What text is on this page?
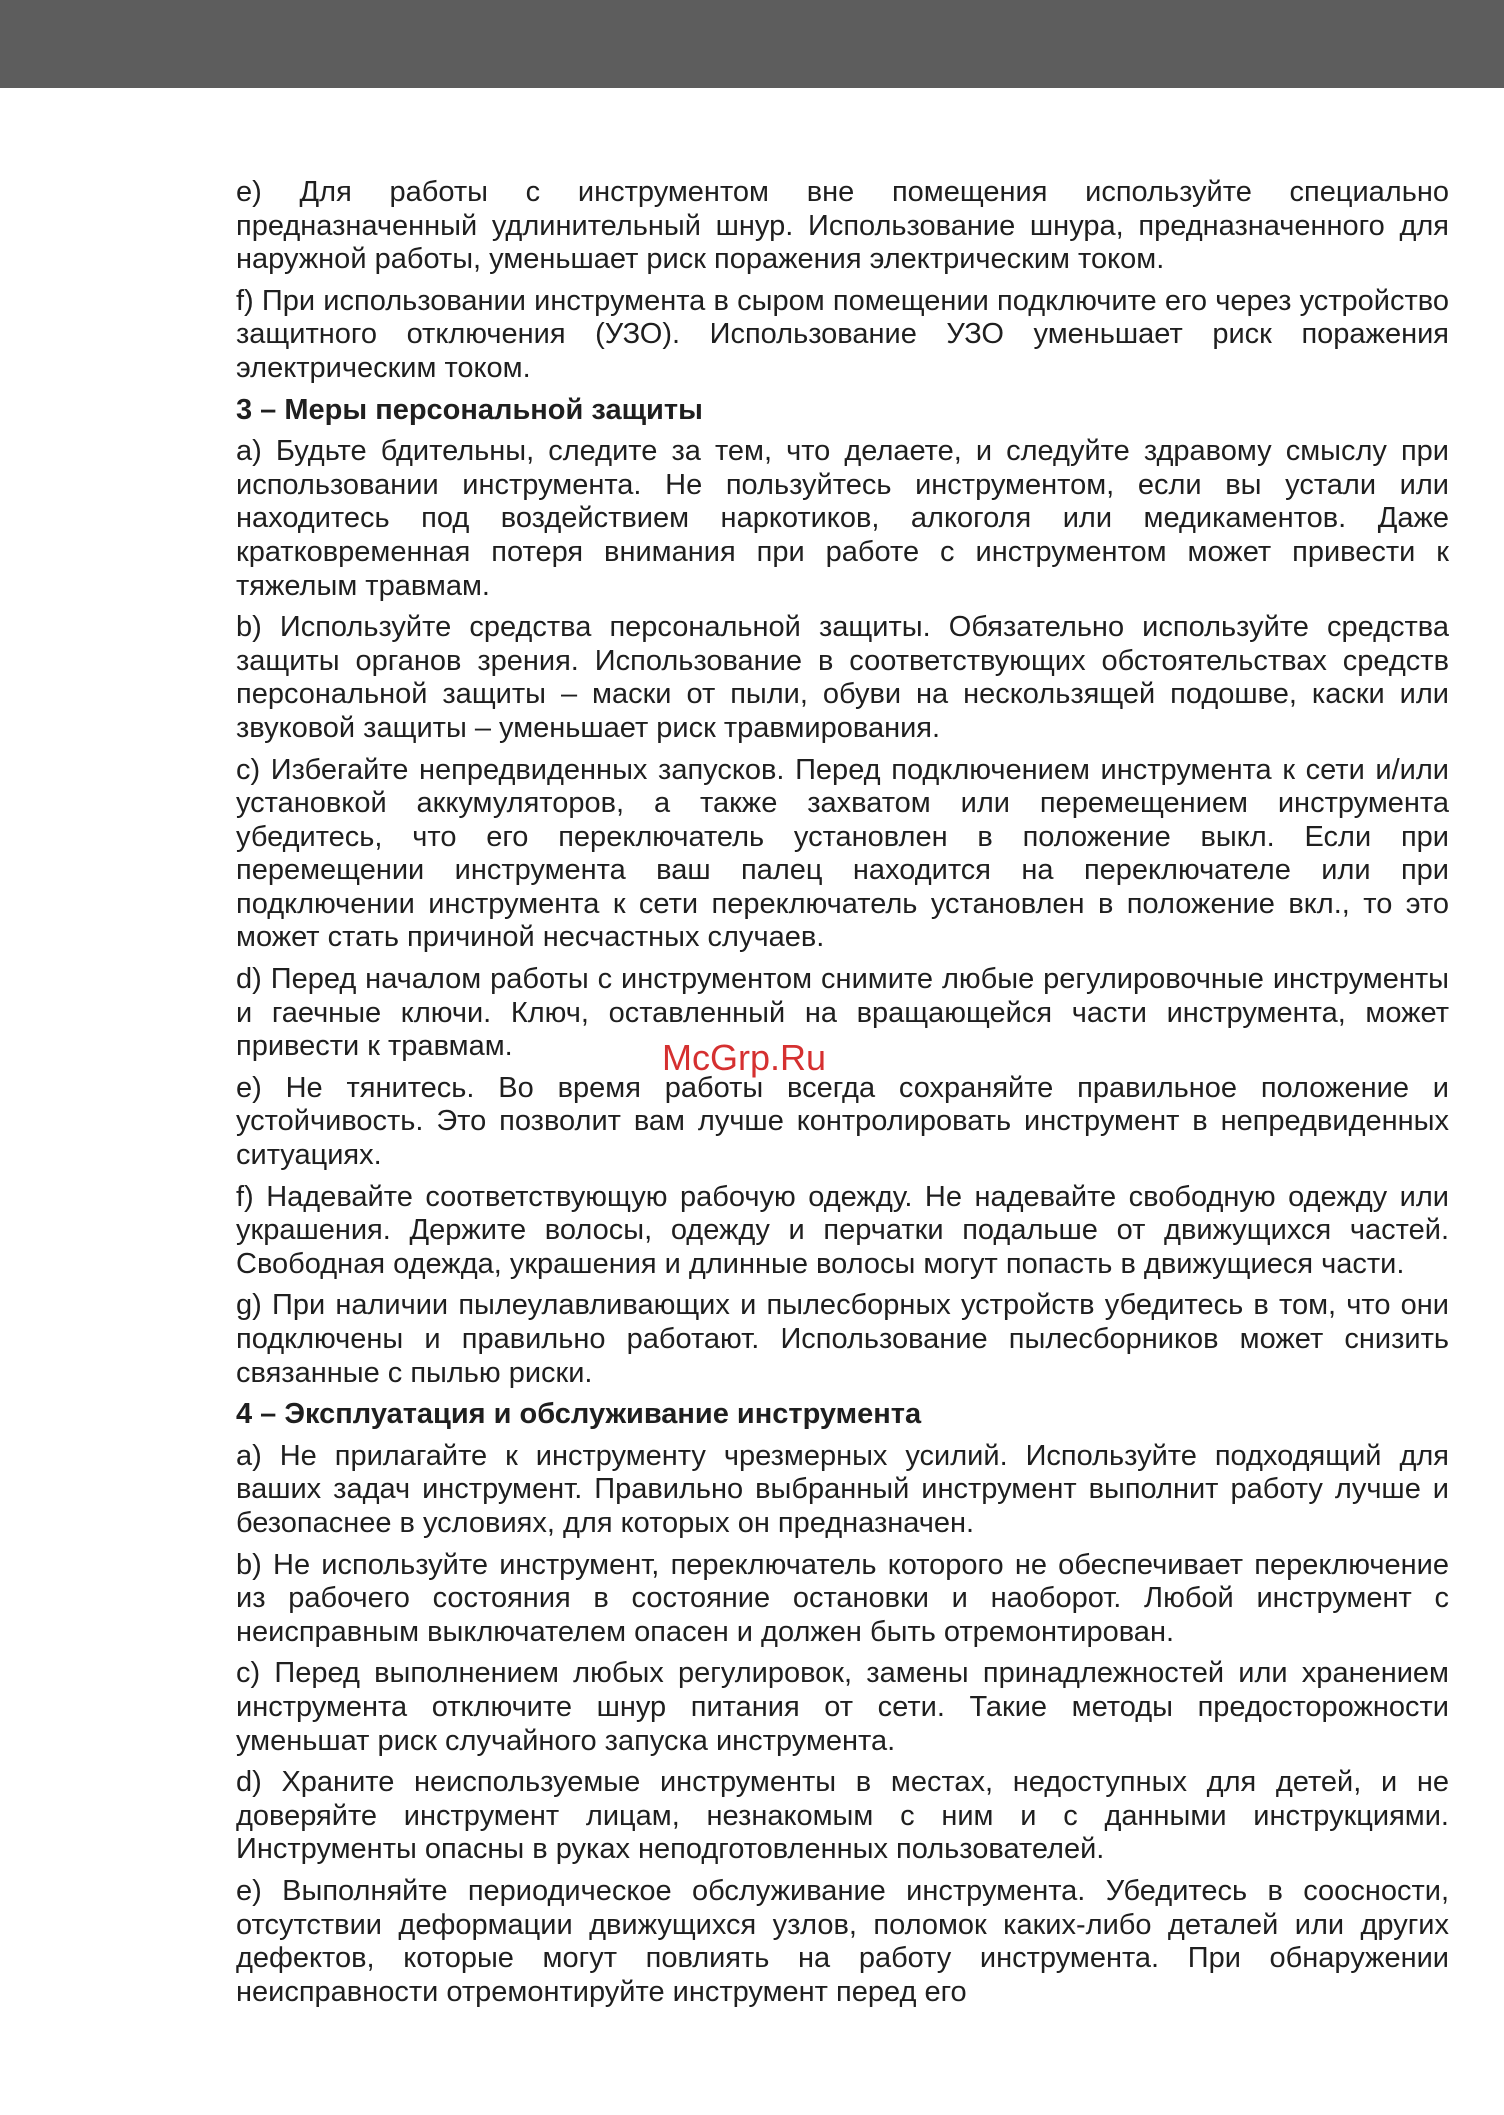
e) Для работы с инструментом вне помещения используйте специально предназначенный удлинительный шнур. Использование шнура, предназначенного для наружной работы, уменьшает риск поражения электрическим током.

f) При использовании инструмента в сыром помещении подключите его через устройство защитного отключения (УЗО). Использование УЗО уменьшает риск поражения электрическим током.

3 – Меры персональной защиты

a) Будьте бдительны, следите за тем, что делаете, и следуйте здравому смыслу при использовании инструмента. Не пользуйтесь инструментом, если вы устали или находитесь под воздействием наркотиков, алкоголя или медикаментов. Даже кратковременная потеря внимания при работе с инструментом может привести к тяжелым травмам.

b) Используйте средства персональной защиты. Обязательно используйте средства защиты органов зрения. Использование в соответствующих обстоятельствах средств персональной защиты – маски от пыли, обуви на нескользящей подошве, каски или звуковой защиты – уменьшает риск травмирования.

c) Избегайте непредвиденных запусков. Перед подключением инструмента к сети и/или установкой аккумуляторов, а также захватом или перемещением инструмента убедитесь, что его переключатель установлен в положение выкл. Если при перемещении инструмента ваш палец находится на переключателе или при подключении инструмента к сети переключатель установлен в положение вкл., то это может стать причиной несчастных случаев.

d) Перед началом работы с инструментом снимите любые регулировочные инструменты и гаечные ключи. Ключ, оставленный на вращающейся части инструмента, может привести к травмам.

e) Не тянитесь. Во время работы всегда сохраняйте правильное положение и устойчивость. Это позволит вам лучше контролировать инструмент в непредвиденных ситуациях.

f) Надевайте соответствующую рабочую одежду. Не надевайте свободную одежду или украшения. Держите волосы, одежду и перчатки подальше от движущихся частей. Свободная одежда, украшения и длинные волосы могут попасть в движущиеся части.

g) При наличии пылеулавливающих и пылесборных устройств убедитесь в том, что они подключены и правильно работают. Использование пылесборников может снизить связанные с пылью риски.

4 – Эксплуатация и обслуживание инструмента

a) Не прилагайте к инструменту чрезмерных усилий. Используйте подходящий для ваших задач инструмент. Правильно выбранный инструмент выполнит работу лучше и безопаснее в условиях, для которых он предназначен.

b) Не используйте инструмент, переключатель которого не обеспечивает переключение из рабочего состояния в состояние остановки и наоборот. Любой инструмент с неисправным выключателем опасен и должен быть отремонтирован.

c) Перед выполнением любых регулировок, замены принадлежностей или хранением инструмента отключите шнур питания от сети. Такие методы предосторожности уменьшат риск случайного запуска инструмента.

d) Храните неиспользуемые инструменты в местах, недоступных для детей, и не доверяйте инструмент лицам, незнакомым с ним и с данными инструкциями. Инструменты опасны в руках неподготовленных пользователей.

e) Выполняйте периодическое обслуживание инструмента. Убедитесь в соосности, отсутствии деформации движущихся узлов, поломок каких-либо деталей или других дефектов, которые могут повлиять на работу инструмента. При обнаружении неисправности отремонтируйте инструмент перед его

McGrp.Ru
